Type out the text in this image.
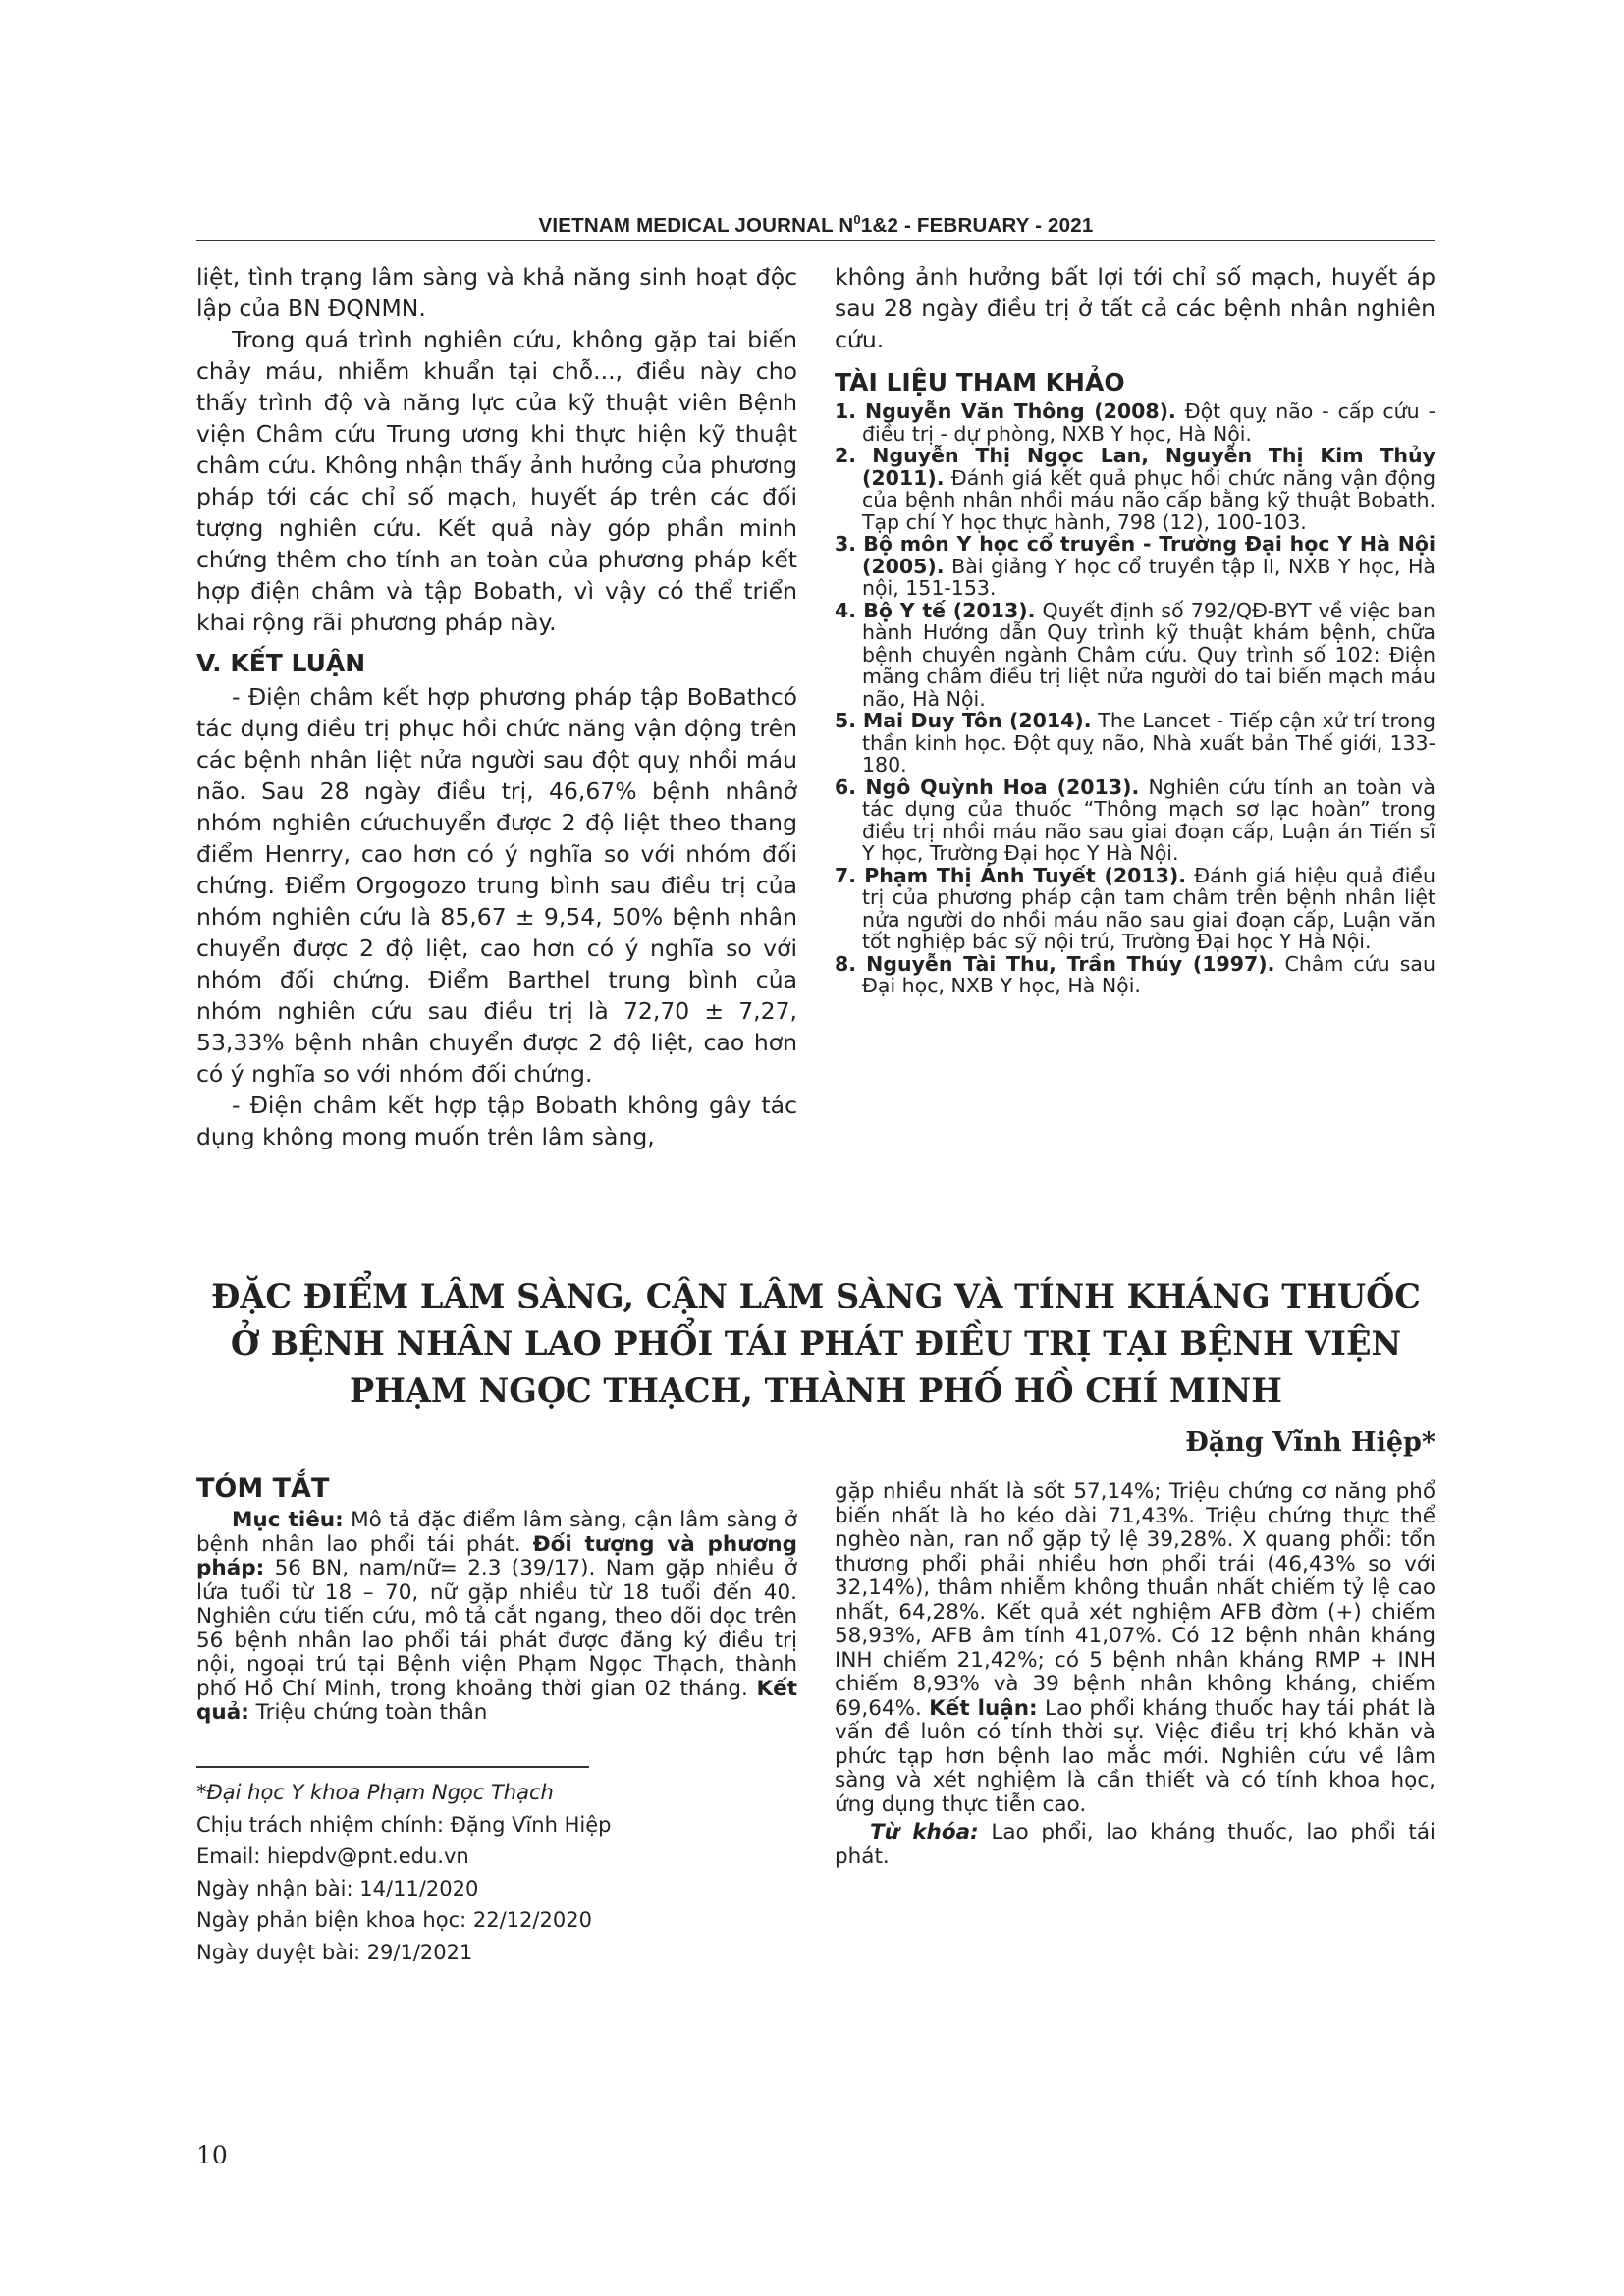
VIETNAM MEDICAL JOURNAL $N^01\&2$ - FEBRUARY - 2021

liệt, tình trạng lâm sàng và khả năng sinh hoạt độc lập của BN ĐQNMN.

Trong quá trình nghiên cứu, không gặp tai biến chảy máu, nhiễm khuẩn tại chỗ..., điều này cho thấy trình độ và năng lực của kỹ thuật viên Bệnh viện Châm cứu Trung ương khi thực hiện kỹ thuật châm cứu. Không nhận thấy ảnh hưởng của phương pháp tới các chỉ số mạch, huyết áp trên các đối tượng nghiên cứu. Kết quả này góp phần minh chứng thêm cho tính an toàn của phương pháp kết hợp điện châm và tập Bobath, vì vậy có thể triển khai rộng rãi phương pháp này.

V. KẾT LUẬN

- Điện châm kết hợp phương pháp tập BoBathcó tác dụng điều trị phục hồi chức năng vận động trên các bệnh nhân liệt nửa người sau đột quỵ nhồi máu não. Sau 28 ngày điều trị, 46,67% bệnh nhânở nhóm nghiên cứuchuyển được 2 độ liệt theo thang điểm Henrry, cao hơn có ý nghĩa so với nhóm đối chứng. Điểm Orgogozo trung bình sau điều trị của nhóm nghiên cứu là 85,67 ± 9,54, 50% bệnh nhân chuyển được 2 độ liệt, cao hơn có ý nghĩa so với nhóm đối chứng. Điểm Barthel trung bình của nhóm nghiên cứu sau điều trị là 72,70 ± 7,27, 53,33% bệnh nhân chuyển được 2 độ liệt, cao hơn có ý nghĩa so với nhóm đối chứng.

- Điện châm kết hợp tập Bobath không gây tác dụng không mong muốn trên lâm sàng,

không ảnh hưởng bất lợi tới chỉ số mạch, huyết áp sau 28 ngày điều trị ở tất cả các bệnh nhân nghiên cứu.

TÀI LIỆU THAM KHẢO

1. Nguyễn Văn Thông (2008). Đột quỵ não - cấp cứu - điều trị - dự phòng, NXB Y học, Hà Nội.

2. Nguyễn Thị Ngọc Lan, Nguyễn Thị Kim Thủy (2011). Đánh giá kết quả phục hồi chức năng vận động của bệnh nhân nhồi máu não cấp bằng kỹ thuật Bobath. Tạp chí Y học thực hành, 798 (12), 100-103.

3. Bộ môn Y học cổ truyền - Trường Đại học Y Hà Nội (2005). Bài giảng Y học cổ truyền tập II, NXB Y học, Hà nội, 151-153.

4. Bộ Y tế (2013). Quyết định số 792/QĐ-BYT về việc ban hành Hướng dẫn Quy trình kỹ thuật khám bệnh, chữa bệnh chuyên ngành Châm cứu. Quy trình số 102: Điện mãng châm điều trị liệt nửa người do tai biến mạch máu não, Hà Nội.

5. Mai Duy Tôn (2014). The Lancet - Tiếp cận xử trí trong thần kinh học. Đột quỵ não, Nhà xuất bản Thế giới, 133-180.

6. Ngô Quỳnh Hoa (2013). Nghiên cứu tính an toàn và tác dụng của thuốc “Thông mạch sơ lạc hoàn” trong điều trị nhồi máu não sau giai đoạn cấp, Luận án Tiến sĩ Y học, Trường Đại học Y Hà Nội.

7. Phạm Thị Ánh Tuyết (2013). Đánh giá hiệu quả điều trị của phương pháp cận tam châm trên bệnh nhân liệt nửa người do nhồi máu não sau giai đoạn cấp, Luận văn tốt nghiệp bác sỹ nội trú, Trường Đại học Y Hà Nội.

8. Nguyễn Tài Thu, Trần Thúy (1997). Châm cứu sau Đại học, NXB Y học, Hà Nội.

ĐẶC ĐIỂM LÂM SÀNG, CẬN LÂM SÀNG VÀ TÍNH KHÁNG THUỐC
Ở BỆNH NHÂN LAO PHỔI TÁI PHÁT ĐIỀU TRỊ TẠI BỆNH VIỆN
PHẠM NGỌC THẠCH, THÀNH PHỐ HỒ CHÍ MINH
Đặng Vĩnh Hiệp*
TÓM TẮT

Mục tiêu: Mô tả đặc điểm lâm sàng, cận lâm sàng ở bệnh nhân lao phổi tái phát. Đối tượng và phương pháp: 56 BN, nam/nữ= 2.3 (39/17). Nam gặp nhiều ở lứa tuổi từ 18 – 70, nữ gặp nhiều từ 18 tuổi đến 40. Nghiên cứu tiến cứu, mô tả cắt ngang, theo dõi dọc trên 56 bệnh nhân lao phổi tái phát được đăng ký điều trị nội, ngoại trú tại Bệnh viện Phạm Ngọc Thạch, thành phố Hồ Chí Minh, trong khoảng thời gian 02 tháng. Kết quả: Triệu chứng toàn thân

gặp nhiều nhất là sốt 57,14%; Triệu chứng cơ năng phổ biến nhất là ho kéo dài 71,43%. Triệu chứng thực thể nghèo nàn, ran nổ gặp tỷ lệ 39,28%. X quang phổi: tổn thương phổi phải nhiều hơn phổi trái (46,43% so với 32,14%), thâm nhiễm không thuần nhất chiếm tỷ lệ cao nhất, 64,28%. Kết quả xét nghiệm AFB đờm (+) chiếm 58,93%, AFB âm tính 41,07%. Có 12 bệnh nhân kháng INH chiếm 21,42%; có 5 bệnh nhân kháng RMP + INH chiếm 8,93% và 39 bệnh nhân không kháng, chiếm 69,64%. Kết luận: Lao phổi kháng thuốc hay tái phát là vấn đề luôn có tính thời sự. Việc điều trị khó khăn và phức tạp hơn bệnh lao mắc mới. Nghiên cứu về lâm sàng và xét nghiệm là cần thiết và có tính khoa học, ứng dụng thực tiễn cao.

Từ khóa: Lao phổi, lao kháng thuốc, lao phổi tái phát.

*Đại học Y khoa Phạm Ngọc Thạch
Chịu trách nhiệm chính: Đặng Vĩnh Hiệp
Email: hiepdv@pnt.edu.vn
Ngày nhận bài: 14/11/2020
Ngày phản biện khoa học: 22/12/2020
Ngày duyệt bài: 29/1/2021
10
